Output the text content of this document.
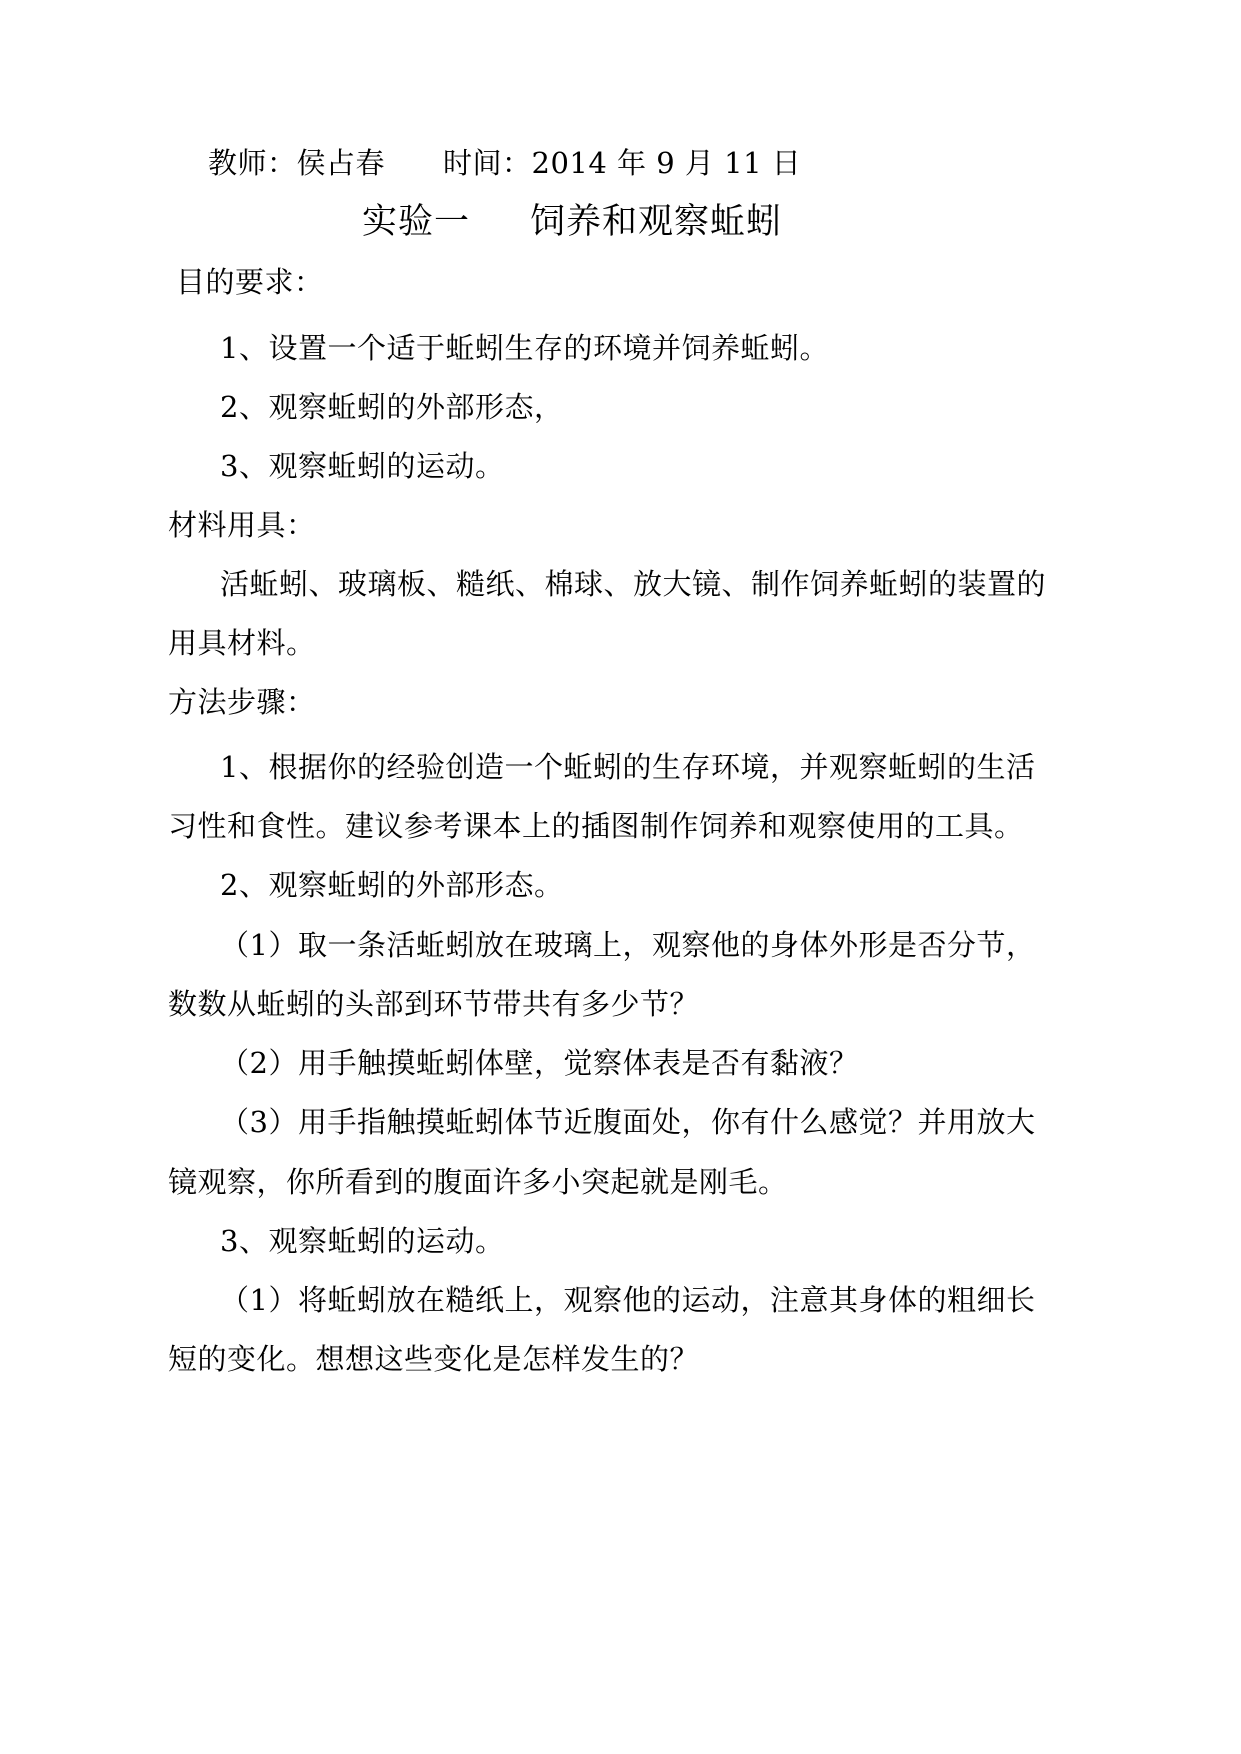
教师：侯占春 时间：2014 年 9 月 11 日
实验一 饲养和观察蚯蚓
目的要求：
1、设置一个适于蚯蚓生存的环境并饲养蚯蚓。
2、观察蚯蚓的外部形态，
3、观察蚯蚓的运动。
材料用具：
活蚯蚓、玻璃板、糙纸、棉球、放大镜、制作饲养蚯蚓的装置的
用具材料。
方法步骤：
1、根据你的经验创造一个蚯蚓的生存环境，并观察蚯蚓的生活
习性和食性。建议参考课本上的插图制作饲养和观察使用的工具。
2、观察蚯蚓的外部形态。
（1）取一条活蚯蚓放在玻璃上，观察他的身体外形是否分节，
数数从蚯蚓的头部到环节带共有多少节？
（2）用手触摸蚯蚓体壁，觉察体表是否有黏液？
（3）用手指触摸蚯蚓体节近腹面处，你有什么感觉？并用放大
镜观察，你所看到的腹面许多小突起就是刚毛。
3、观察蚯蚓的运动。
（1）将蚯蚓放在糙纸上，观察他的运动，注意其身体的粗细长
短的变化。想想这些变化是怎样发生的？
